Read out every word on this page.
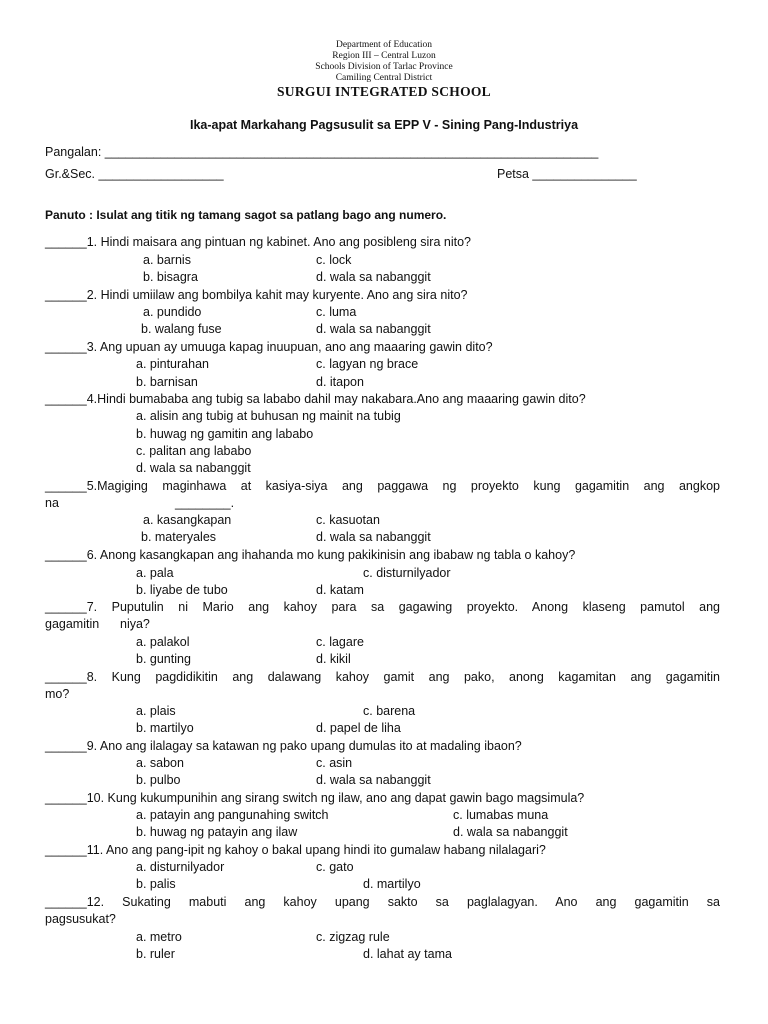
Department of Education
Region III – Central Luzon
Schools Division of Tarlac Province
Camiling Central District
SURGUI INTEGRATED SCHOOL
Ika-apat Markahang Pagsusulit sa EPP V - Sining Pang-Industriya
Pangalan: _______________________________________________________________________
Gr.&Sec. __________________	Petsa _______________
Panuto : Isulat ang titik ng tamang sagot sa patlang bago ang numero.
______1. Hindi maisara ang pintuan ng kabinet. Ano ang posibleng sira nito?
a. barnis	c. lock
b. bisagra	d. wala sa nabanggit
______2. Hindi umiilaw ang bombilya kahit may kuryente. Ano ang sira nito?
a. pundido	c. luma
b. walang fuse	d. wala sa nabanggit
______3. Ang upuan ay umuuga kapag inuupuan, ano ang maaaring gawin dito?
a. pinturahan	c. lagyan ng brace
b. barnisan	d. itapon
______4.Hindi bumababa ang tubig sa lababo dahil may nakabara.Ano ang maaaring gawin dito?
a. alisin ang tubig at buhusan ng mainit na tubig
b. huwag ng gamitin ang lababo
c. palitan ang lababo
d. wala sa nabanggit
______5.Magiging maginhawa at kasiya-siya ang paggawa ng proyekto kung gagamitin ang angkop
na	________.
a. kasangkapan	c. kasuotan
b. materyales	d. wala sa nabanggit
______6. Anong kasangkapan ang ihahanda mo kung pakikinisin ang ibabaw ng tabla o kahoy?
a. pala	c. disturnilyador
b. liyabe de tubo	d. katam
______7. Puputulin ni Mario ang kahoy para sa gagawing proyekto. Anong klaseng pamutol ang
gagamitin niya?
a. palakol	c. lagare
b. gunting	d. kikil
______8. Kung pagdidikitin ang dalawang kahoy gamit ang pako, anong kagamitan ang gagamitin
mo?
a. plais	c. barena
b. martilyo	d. papel de liha
______9. Ano ang ilalagay sa katawan ng pako upang dumulas ito at madaling ibaon?
a. sabon	c. asin
b. pulbo	d. wala sa nabanggit
______10. Kung kukumpunihin ang sirang switch ng ilaw, ano ang dapat gawin bago magsimula?
a. patayin ang pangunahing switch	c. lumabas muna
b. huwag ng patayin ang ilaw	d. wala sa nabanggit
______11. Ano ang pang-ipit ng kahoy o bakal upang hindi ito gumalaw habang nilalagari?
a. disturnilyador	c. gato
b. palis	d. martilyo
______12. Sukating mabuti ang kahoy upang sakto sa paglalagyan. Ano ang gagamitin sa
pagsusukat?
a. metro	c. zigzag rule
b. ruler	d. lahat ay tama
